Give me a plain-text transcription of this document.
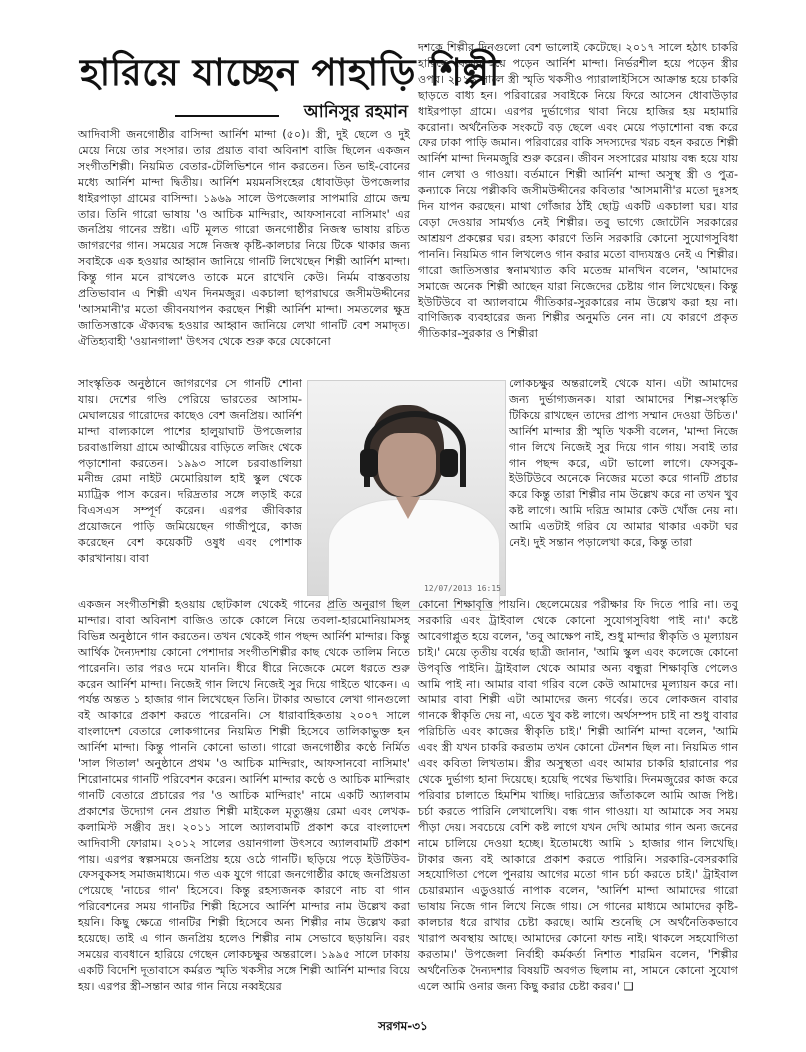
হারিয়ে যাচ্ছেন পাহাড়ি শিল্পী
আনিসুর রহমান

আদিবাসী জনগোষ্ঠীর বাসিন্দা আর্নিশ মান্দা (৫০)। স্ত্রী, দুই ছেলে ও দুই মেয়ে নিয়ে তার সংসার। তার প্রয়াত বাবা অবিনাশ বাজি ছিলেন একজন সংগীতশিল্পী। নিয়মিত বেতার-টেলিভিশনে গান করতেন। তিন ভাই-বোনের মধ্যে আর্নিশ মান্দা দ্বিতীয়। আর্নিশ ময়মনসিংহের ধোবাউড়া উপজেলার ধাইরপাড়া গ্রামের বাসিন্দা। ১৯৬৯ সালে উপজেলার সাপমারি গ্রামে জন্ম তার। তিনি গারো ভাষায় 'ও আচিক মান্দিরাং, আফসানবো নাসিমাং' এর জনপ্রিয় গানের স্রষ্টা। এটি মূলত গারো জনগোষ্ঠীর নিজস্ব ভাষায় রচিত জাগরণের গান। সময়ের সঙ্গে নিজস্ব কৃষ্টি-কালচার নিয়ে টিকে থাকার জন্য সবাইকে এক হওয়ার আহ্বান জানিয়ে গানটি লিখেছেন শিল্পী আর্নিশ মান্দা। কিন্তু গান মনে রাখলেও তাকে মনে রাখেনি কেউ। নির্মম বাস্তবতায় প্রতিভাবান এ শিল্পী এখন দিনমজুর। একচালা ছাপরাঘরে জসীমউদ্দীনের 'আসমানী'র মতো জীবনযাপন করছেন শিল্পী আর্নিশ মান্দা। সমতলের ক্ষুদ্র জাতিসত্তাকে ঐক্যবদ্ধ হওয়ার আহ্বান জানিয়ে লেখা গানটি বেশ সমাদৃত। ঐতিহ্যবাহী 'ওয়ানগালা' উৎসব থেকে শুরু করে যেকোনো

সাংস্কৃতিক অনুষ্ঠানে জাগরণের সে গানটি শোনা যায়। দেশের গণ্ডি পেরিয়ে ভারতের আসাম-মেঘালয়ের গারোদের কাছেও বেশ জনপ্রিয়। আর্নিশ মান্দা বাল্যকালে পাশের হালুয়াঘাট উপজেলার চরবাঙালিয়া গ্রামে আত্মীয়ের বাড়িতে লজিং থেকে পড়াশোনা করতেন। ১৯৯৩ সালে চরবাঙালিয়া মনীন্দ্র রেমা নাইট মেমোরিয়াল হাই স্কুল থেকে ম্যাট্রিক পাস করেন। দরিদ্রতার সঙ্গে লড়াই করে বিএসএস সম্পূর্ণ করেন। এরপর জীবিকার প্রয়োজনে পাড়ি জমিয়েছেন গাজীপুরে, কাজ করেছেন বেশ কয়েকটি ওষুধ এবং পোশাক কারখানায়। বাবা

12/07/2013 16:15

একজন সংগীতশিল্পী হওয়ায় ছোটকাল থেকেই গানের প্রতি অনুরাগ ছিল মান্দার। বাবা অবিনাশ বাজিও তাকে কোলে নিয়ে তবলা-হারমোনিয়ামসহ বিভিন্ন অনুষ্ঠানে গান করতেন। তখন থেকেই গান পছন্দ আর্নিশ মান্দার। কিন্তু আর্থিক দৈন্যদশায় কোনো পেশাদার সংগীতশিল্পীর কাছ থেকে তালিম নিতে পারেননি। তার পরও দমে যাননি। ধীরে ধীরে নিজেকে মেলে ধরতে শুরু করেন আর্নিশ মান্দা। নিজেই গান লিখে নিজেই সুর দিয়ে গাইতে থাকেন। এ পর্যন্ত অন্তত ১ হাজার গান লিখেছেন তিনি। টাকার অভাবে লেখা গানগুলো বই আকারে প্রকাশ করতে পারেননি। সে ধারাবাহিকতায় ২০০৭ সালে বাংলাদেশ বেতারে লোকগানের নিয়মিত শিল্পী হিসেবে তালিকাভুক্ত হন আর্নিশ মান্দা। কিন্তু পাননি কোনো ভাতা। গারো জনগোষ্ঠীর কণ্ঠে নির্মিত 'সাল গিতাল' অনুষ্ঠানে প্রথম 'ও আচিক মান্দিরাং, আফসানবো নাসিমাং' শিরোনামের গানটি পরিবেশন করেন। আর্নিশ মান্দার কণ্ঠে ও আচিক মান্দিরাং গানটি বেতারে প্রচারের পর 'ও আচিক মান্দিরাং' নামে একটি অ্যালবাম প্রকাশের উদ্যোগ নেন প্রয়াত শিল্পী মাইকেল মৃত্যুঞ্জয় রেমা এবং লেখক-কলামিস্ট সঞ্জীব দ্রং। ২০১১ সালে অ্যালবামটি প্রকাশ করে বাংলাদেশ আদিবাসী ফোরাম। ২০১২ সালের ওয়ানগালা উৎসবে অ্যালবামটি প্রকাশ পায়। এরপর স্বল্পসময়ে জনপ্রিয় হয়ে ওঠে গানটি। ছড়িয়ে পড়ে ইউটিউব-ফেসবুকসহ সমাজমাধ্যমে। গত এক যুগে গারো জনগোষ্ঠীর কাছে জনপ্রিয়তা পেয়েছে 'নাচের গান' হিসেবে। কিন্তু রহস্যজনক কারণে নাচ বা গান পরিবেশনের সময় গানটির শিল্পী হিসেবে আর্নিশ মান্দার নাম উল্লেখ করা হয়নি। কিছু ক্ষেত্রে গানটির শিল্পী হিসেবে অন্য শিল্পীর নাম উল্লেখ করা হয়েছে। তাই এ গান জনপ্রিয় হলেও শিল্পীর নাম সেভাবে ছড়ায়নি। বরং সময়ের ব্যবধানে হারিয়ে গেছেন লোকচক্ষুর অন্তরালে। ১৯৯৫ সালে ঢাকায় একটি বিদেশি দূতাবাসে কর্মরত স্মৃতি খকসীর সঙ্গে শিল্পী আর্নিশ মান্দার বিয়ে হয়। এরপর স্ত্রী-সন্তান আর গান নিয়ে নব্বইয়ের

দশকে শিল্পীর দিনগুলো বেশ ভালোই কেটেছে। ২০১৭ সালে হঠাৎ চাকরি হারিয়ে বেকার হয়ে পড়েন আর্নিশ মান্দা। নির্ভরশীল হয়ে পড়েন স্ত্রীর ওপর। ২০১৯ সালে স্ত্রী স্মৃতি খকসীও প্যারালাইসিসে আক্রান্ত হয়ে চাকরি ছাড়তে বাধ্য হন। পরিবারের সবাইকে নিয়ে ফিরে আসেন ধোবাউড়ার ধাইরপাড়া গ্রামে। এরপর দুর্ভাগ্যের থাবা নিয়ে হাজির হয় মহামারি করোনা। অর্থনৈতিক সংকটে বড় ছেলে এবং মেয়ে পড়াশোনা বন্ধ করে ফের ঢাকা পাড়ি জমান। পরিবারের বাকি সদস্যদের খরচ বহন করতে শিল্পী আর্নিশ মান্দা দিনমজুরি শুরু করেন। জীবন সংসারের মায়ায় বন্ধ হয়ে যায় গান লেখা ও গাওয়া। বর্তমানে শিল্পী আর্নিশ মান্দা অসুস্থ স্ত্রী ও পুত্র-কন্যাকে নিয়ে পল্লীকবি জসীমউদ্দীনের কবিতার 'আসমানী'র মতো দুঃসহ দিন যাপন করছেন। মাথা গোঁজার ঠাঁই ছোট্ট একটি একচালা ঘর। যার বেড়া দেওয়ার সামর্থ্যও নেই শিল্পীর। তবু ভাগ্যে জোটেনি সরকারের আশ্রয়ণ প্রকল্পের ঘর। রহস্য কারণে তিনি সরকারি কোনো সুযোগসুবিধা পাননি। নিয়মিত গান লিখলেও গান করার মতো বাদ্যযন্ত্রও নেই এ শিল্পীর। গারো জাতিসত্তার স্বনামখ্যাত কবি মতেন্দ্র মানখিন বলেন, 'আমাদের সমাজে অনেক শিল্পী আছেন যারা নিজেদের চেষ্টায় গান লিখেছেন। কিন্তু ইউটিউবে বা অ্যালবামে গীতিকার-সুরকারের নাম উল্লেখ করা হয় না। বাণিজ্যিক ব্যবহারের জন্য শিল্পীর অনুমতি নেন না। যে কারণে প্রকৃত গীতিকার-সুরকার ও শিল্পীরা

লোকচক্ষুর অন্তরালেই থেকে যান। এটা আমাদের জন্য দুর্ভাগ্যজনক। যারা আমাদের শিল্প-সংস্কৃতি টিকিয়ে রাখছেন তাদের প্রাপ্য সম্মান দেওয়া উচিত।' আর্নিশ মান্দার স্ত্রী স্মৃতি খকসী বলেন, 'মান্দা নিজে গান লিখে নিজেই সুর দিয়ে গান গায়। সবাই তার গান পছন্দ করে, এটা ভালো লাগে। ফেসবুক-ইউটিউবে অনেকে নিজের মতো করে গানটি প্রচার করে কিন্তু তারা শিল্পীর নাম উল্লেখ করে না তখন খুব কষ্ট লাগে। আমি দরিদ্র আমার কেউ খোঁজ নেয় না। আমি এতটাই গরিব যে আমার থাকার একটা ঘর নেই। দুই সন্তান পড়ালেখা করে, কিন্তু তারা

কোনো শিক্ষাবৃত্তি পায়নি। ছেলেমেয়ের পরীক্ষার ফি দিতে পারি না। তবু সরকারি এবং ট্রাইবাল থেকে কোনো সুযোগসুবিধা পাই না।' কষ্টে আবেগাপ্লুত হয়ে বলেন, 'তবু আক্ষেপ নাই, শুধু মান্দার স্বীকৃতি ও মূল্যায়ন চাই।' মেয়ে তৃতীয় বর্ষের ছাত্রী জানান, 'আমি স্কুল এবং কলেজে কোনো উপবৃত্তি পাইনি। ট্রাইবাল থেকে আমার অন্য বন্ধুরা শিক্ষাবৃত্তি পেলেও আমি পাই না। আমার বাবা গরিব বলে কেউ আমাদের মূল্যায়ন করে না। আমার বাবা শিল্পী এটা আমাদের জন্য গর্বের। তবে লোকজন বাবার গানকে স্বীকৃতি দেয় না, এতে খুব কষ্ট লাগে। অর্থসম্পদ চাই না শুধু বাবার পরিচিতি এবং কাজের স্বীকৃতি চাই।' শিল্পী আর্নিশ মান্দা বলেন, 'আমি এবং স্ত্রী যখন চাকরি করতাম তখন কোনো টেনশন ছিল না। নিয়মিত গান এবং কবিতা লিখতাম। স্ত্রীর অসুস্থতা এবং আমার চাকরি হারানোর পর থেকে দুর্ভাগ্য হানা দিয়েছে। হয়েছি পথের ভিখারি। দিনমজুরের কাজ করে পরিবার চালাতে হিমশিম খাচ্ছি। দারিদ্র্যের জাঁতাকলে আমি আজ পিষ্ট। চর্চা করতে পারিনি লেখালেখি। বন্ধ গান গাওয়া। যা আমাকে সব সময় পীড়া দেয়। সবচেয়ে বেশি কষ্ট লাগে যখন দেখি আমার গান অন্য জনের নামে চালিয়ে দেওয়া হচ্ছে। ইতোমধ্যে আমি ১ হাজার গান লিখেছি। টাকার জন্য বই আকারে প্রকাশ করতে পারিনি। সরকারি-বেসরকারি সহযোগিতা পেলে পুনরায় আগের মতো গান চর্চা করতে চাই।' ট্রাইবাল চেয়ারম্যান এডুওয়ার্ড নাপাক বলেন, 'আর্নিশ মান্দা আমাদের গারো ভাষায় নিজে গান লিখে নিজে গায়। সে গানের মাধ্যমে আমাদের কৃষ্টি-কালচার ধরে রাখার চেষ্টা করছে। আমি শুনেছি সে অর্থনৈতিকভাবে খারাপ অবস্থায় আছে। আমাদের কোনো ফান্ড নাই। থাকলে সহযোগিতা করতাম।' উপজেলা নির্বাহী কর্মকর্তা নিশাত শারমিন বলেন, 'শিল্পীর অর্থনৈতিক দৈন্যদশার বিষয়টি অবগত ছিলাম না, সামনে কোনো সুযোগ এলে আমি ওনার জন্য কিছু করার চেষ্টা করব।' ❑

সরগম-৩১
